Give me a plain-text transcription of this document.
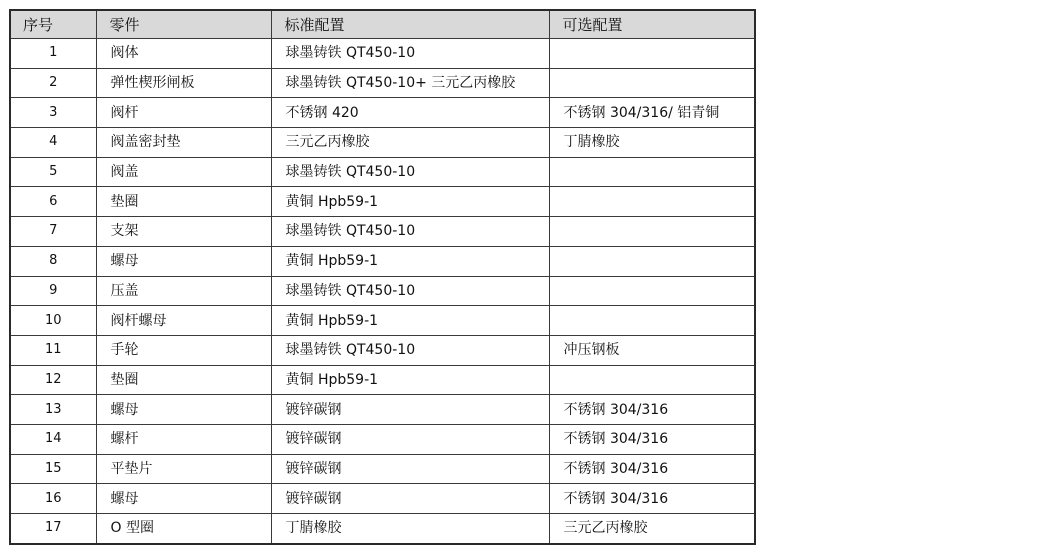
序号	零件	标准配置	可选配置
1	阀体	球墨铸铁 QT450-10	
2	弹性楔形闸板	球墨铸铁 QT450-10+ 三元乙丙橡胶	
3	阀杆	不锈钢 420	不锈钢 304/316/ 铝青铜
4	阀盖密封垫	三元乙丙橡胶	丁腈橡胶
5	阀盖	球墨铸铁 QT450-10	
6	垫圈	黄铜 Hpb59-1	
7	支架	球墨铸铁 QT450-10	
8	螺母	黄铜 Hpb59-1	
9	压盖	球墨铸铁 QT450-10	
10	阀杆螺母	黄铜 Hpb59-1	
11	手轮	球墨铸铁 QT450-10	冲压钢板
12	垫圈	黄铜 Hpb59-1	
13	螺母	镀锌碳钢	不锈钢 304/316
14	螺杆	镀锌碳钢	不锈钢 304/316
15	平垫片	镀锌碳钢	不锈钢 304/316
16	螺母	镀锌碳钢	不锈钢 304/316
17	O 型圈	丁腈橡胶	三元乙丙橡胶
